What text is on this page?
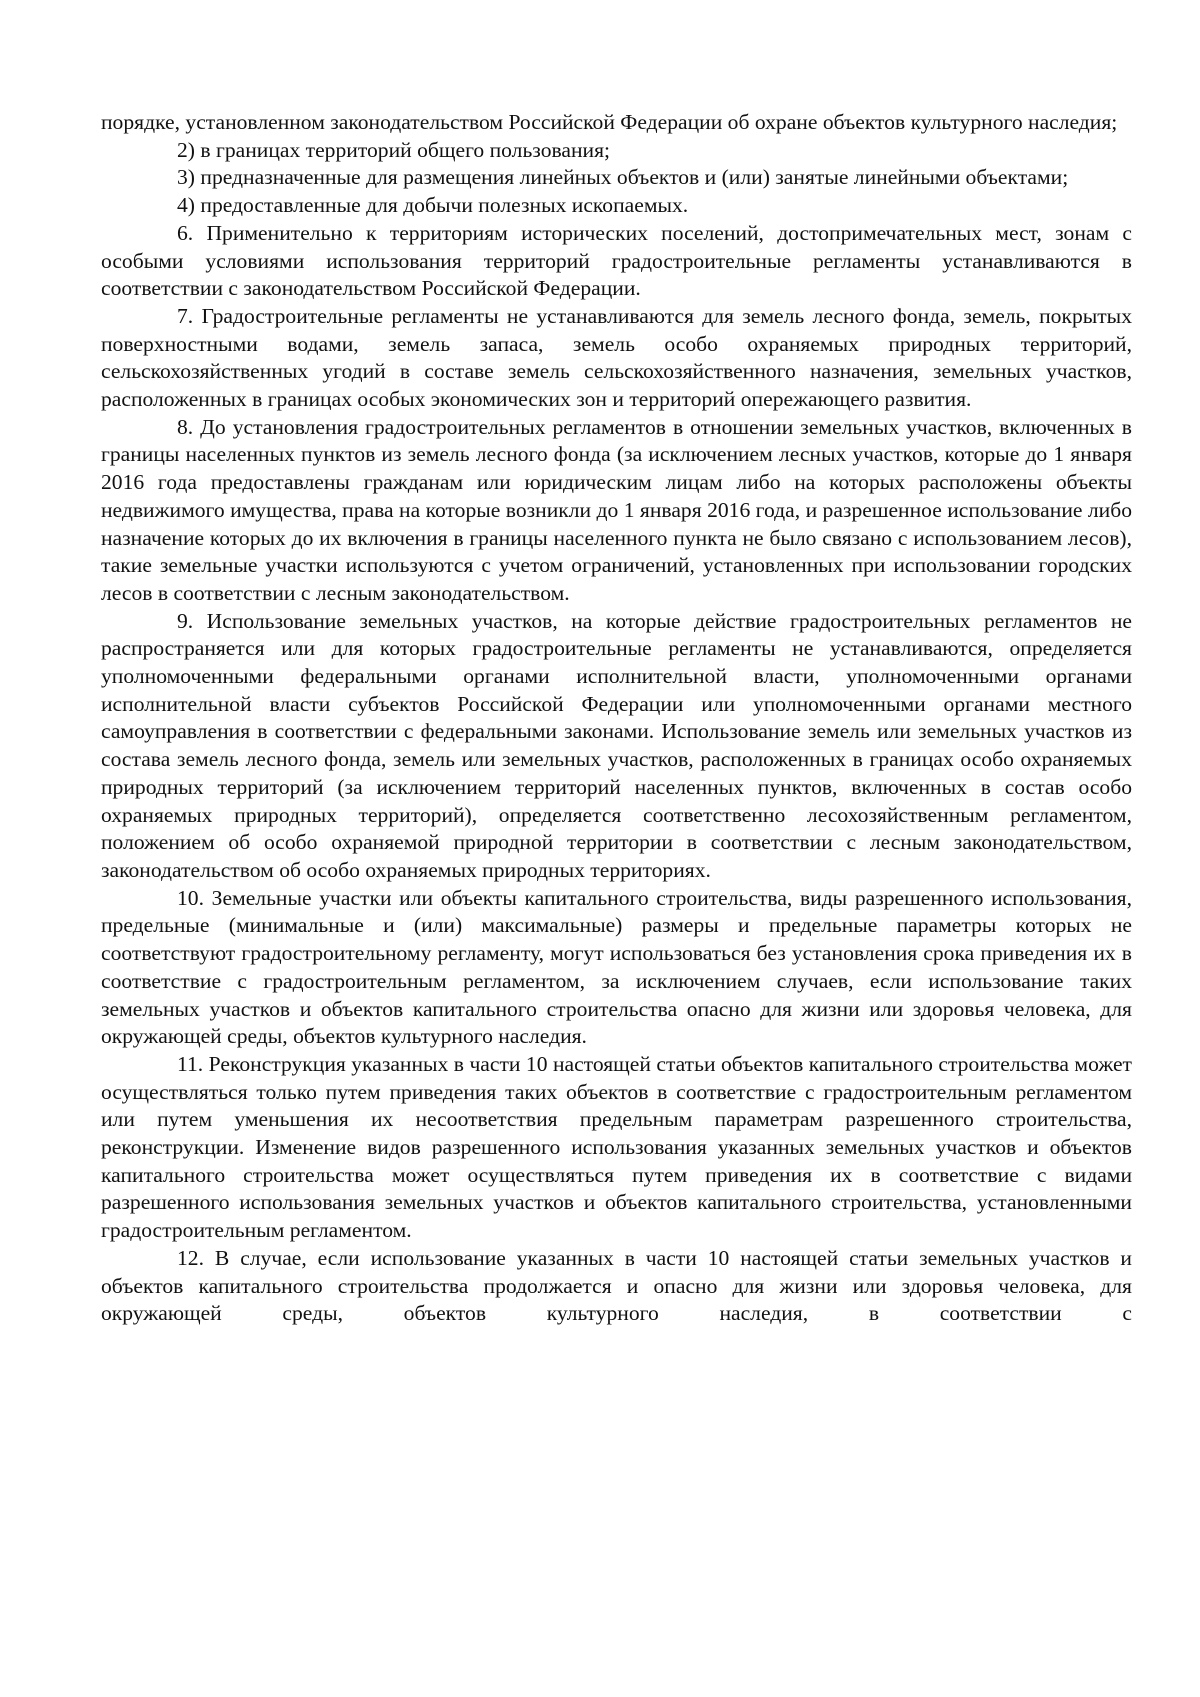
порядке, установленном законодательством Российской Федерации об охране объектов культурного наследия;

2) в границах территорий общего пользования;

3) предназначенные для размещения линейных объектов и (или) занятые линейными объектами;

4) предоставленные для добычи полезных ископаемых.

6. Применительно к территориям исторических поселений, достопримечательных мест, зонам с особыми условиями использования территорий градостроительные регламенты устанавливаются в соответствии с законодательством Российской Федерации.

7. Градостроительные регламенты не устанавливаются для земель лесного фонда, земель, покрытых поверхностными водами, земель запаса, земель особо охраняемых природных территорий, сельскохозяйственных угодий в составе земель сельскохозяйственного назначения, земельных участков, расположенных в границах особых экономических зон и территорий опережающего развития.

8. До установления градостроительных регламентов в отношении земельных участков, включенных в границы населенных пунктов из земель лесного фонда (за исключением лесных участков, которые до 1 января 2016 года предоставлены гражданам или юридическим лицам либо на которых расположены объекты недвижимого имущества, права на которые возникли до 1 января 2016 года, и разрешенное использование либо назначение которых до их включения в границы населенного пункта не было связано с использованием лесов), такие земельные участки используются с учетом ограничений, установленных при использовании городских лесов в соответствии с лесным законодательством.

9. Использование земельных участков, на которые действие градостроительных регламентов не распространяется или для которых градостроительные регламенты не устанавливаются, определяется уполномоченными федеральными органами исполнительной власти, уполномоченными органами исполнительной власти субъектов Российской Федерации или уполномоченными органами местного самоуправления в соответствии с федеральными законами. Использование земель или земельных участков из состава земель лесного фонда, земель или земельных участков, расположенных в границах особо охраняемых природных территорий (за исключением территорий населенных пунктов, включенных в состав особо охраняемых природных территорий), определяется соответственно лесохозяйственным регламентом, положением об особо охраняемой природной территории в соответствии с лесным законодательством, законодательством об особо охраняемых природных территориях.

10. Земельные участки или объекты капитального строительства, виды разрешенного использования, предельные (минимальные и (или) максимальные) размеры и предельные параметры которых не соответствуют градостроительному регламенту, могут использоваться без установления срока приведения их в соответствие с градостроительным регламентом, за исключением случаев, если использование таких земельных участков и объектов капитального строительства опасно для жизни или здоровья человека, для окружающей среды, объектов культурного наследия.

11. Реконструкция указанных в части 10 настоящей статьи объектов капитального строительства может осуществляться только путем приведения таких объектов в соответствие с градостроительным регламентом или путем уменьшения их несоответствия предельным параметрам разрешенного строительства, реконструкции. Изменение видов разрешенного использования указанных земельных участков и объектов капитального строительства может осуществляться путем приведения их в соответствие с видами разрешенного использования земельных участков и объектов капитального строительства, установленными градостроительным регламентом.

12. В случае, если использование указанных в части 10 настоящей статьи земельных участков и объектов капитального строительства продолжается и опасно для жизни или здоровья человека, для окружающей среды, объектов культурного наследия, в соответствии с
